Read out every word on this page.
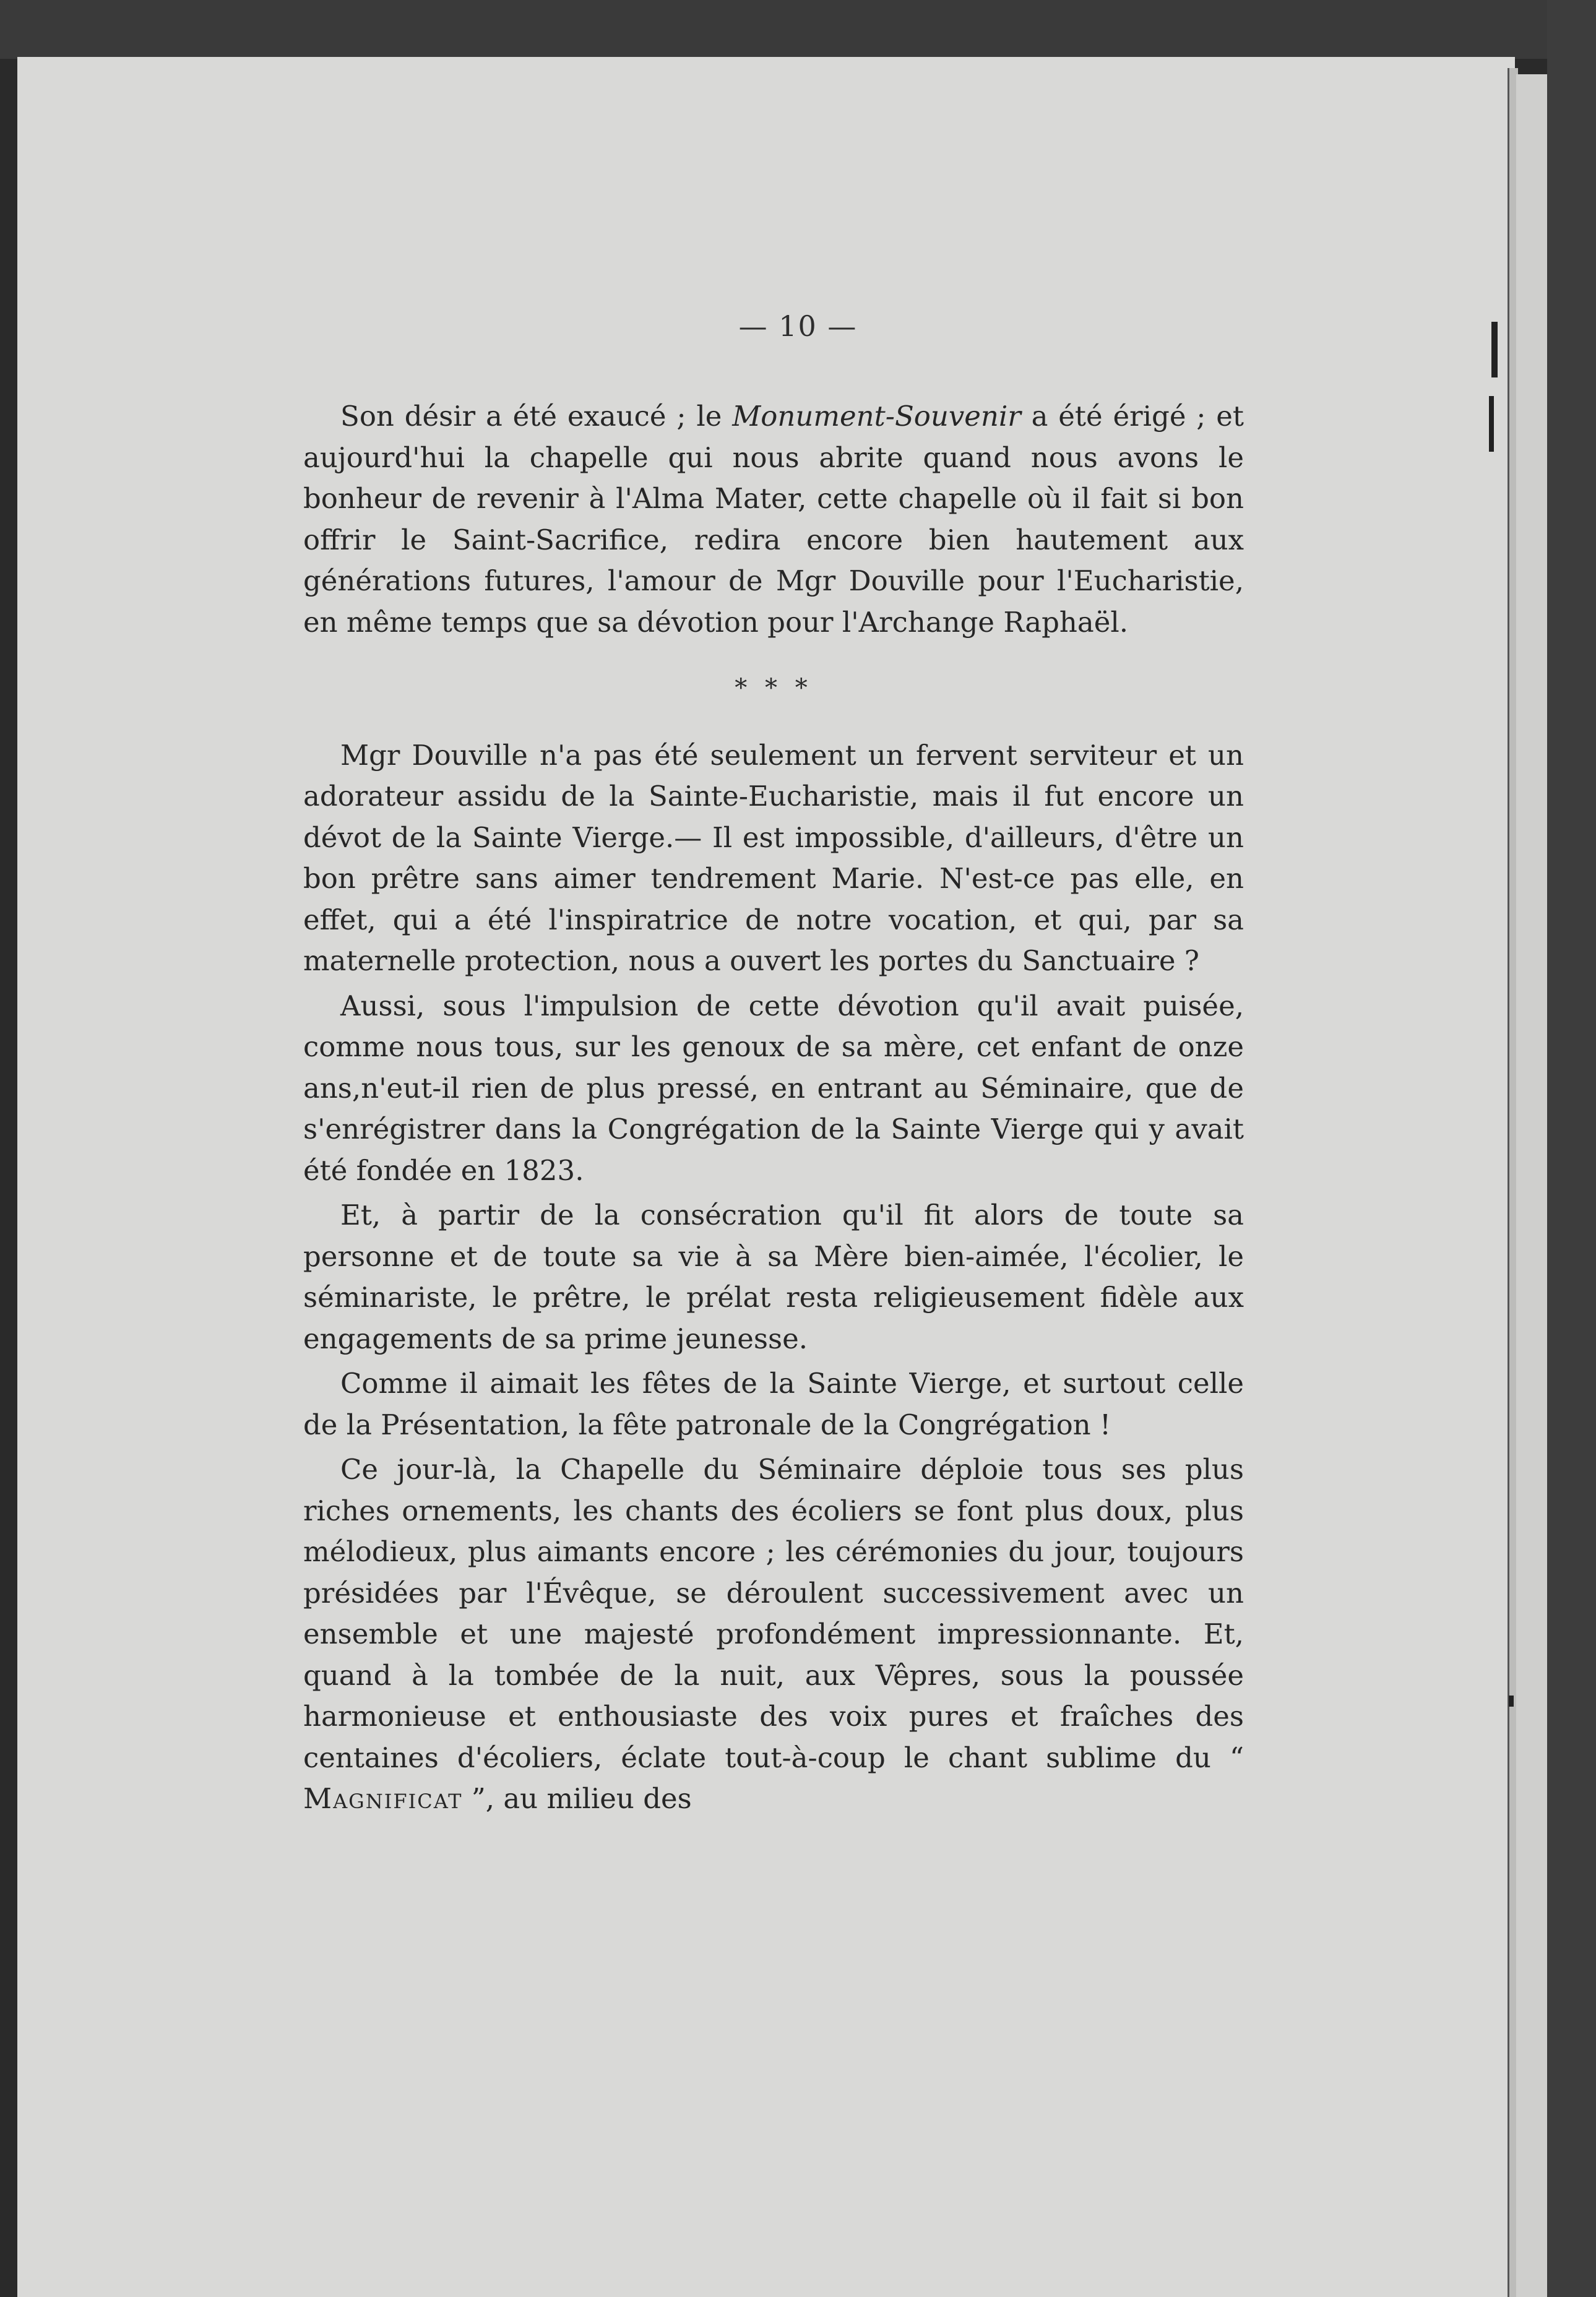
— 10 —

Son désir a été exaucé ; le Monument-Souvenir a été érigé ; et aujourd'hui la chapelle qui nous abrite quand nous avons le bonheur de revenir à l'Alma Mater, cette chapelle où il fait si bon offrir le Saint-Sacrifice, redira encore bien hautement aux générations futures, l'amour de Mgr Douville pour l'Eucharistie, en même temps que sa dévotion pour l'Archange Raphaël.

* * *

Mgr Douville n'a pas été seulement un fervent serviteur et un adorateur assidu de la Sainte-Eucharistie, mais il fut encore un dévot de la Sainte Vierge.— Il est impossible, d'ailleurs, d'être un bon prêtre sans aimer tendrement Marie. N'est-ce pas elle, en effet, qui a été l'inspiratrice de notre vocation, et qui, par sa maternelle protection, nous a ouvert les portes du Sanctuaire ?

Aussi, sous l'impulsion de cette dévotion qu'il avait puisée, comme nous tous, sur les genoux de sa mère, cet enfant de onze ans,n'eut-il rien de plus pressé, en entrant au Séminaire, que de s'enrégistrer dans la Congrégation de la Sainte Vierge qui y avait été fondée en 1823.

Et, à partir de la consécration qu'il fit alors de toute sa personne et de toute sa vie à sa Mère bien-aimée, l'écolier, le séminariste, le prêtre, le prélat resta religieusement fidèle aux engagements de sa prime jeunesse.

Comme il aimait les fêtes de la Sainte Vierge, et surtout celle de la Présentation, la fête patronale de la Congrégation !

Ce jour-là, la Chapelle du Séminaire déploie tous ses plus riches ornements, les chants des écoliers se font plus doux, plus mélodieux, plus aimants encore ; les cérémonies du jour, toujours présidées par l'Évêque, se déroulent successivement avec un ensemble et une majesté profondément impressionnante. Et, quand à la tombée de la nuit, aux Vêpres, sous la poussée harmonieuse et enthousiaste des voix pures et fraîches des centaines d'écoliers, éclate tout-à-coup le chant sublime du “ Magnificat ”, au milieu des
